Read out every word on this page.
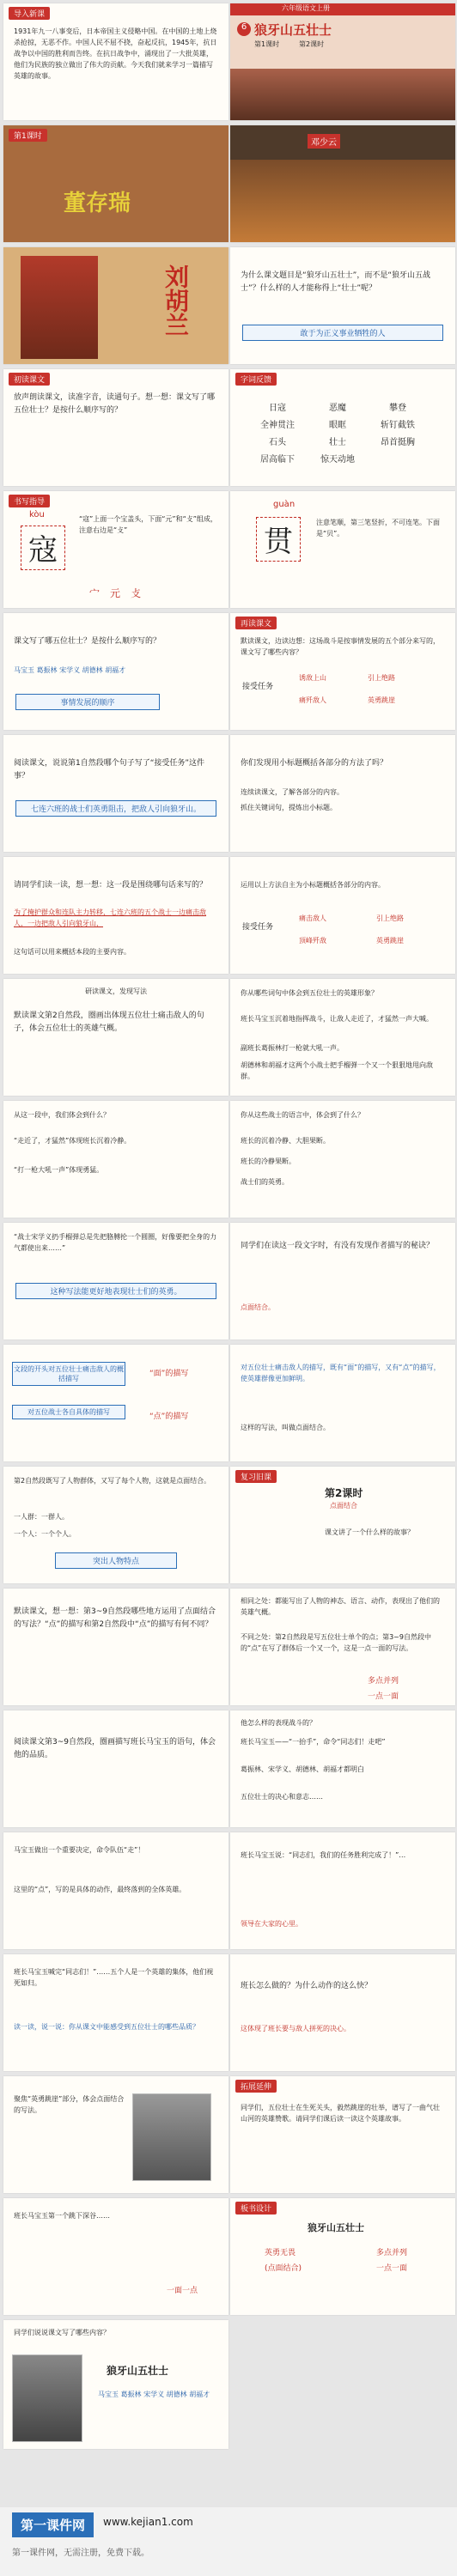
导入新课
1931年九一八事变后，日本帝国主义侵略中国。在中国的土地上烧杀抢掠，无恶不作。中国人民不屈不挠，奋起反抗，1945年，抗日战争以中国的胜利而告终。在抗日战争中，涌现出了一大批英雄，他们为民族的独立做出了伟大的贡献。今天我们就来学习一篇描写英雄的故事。
六年级语文上册
6 狼牙山五壮士
第1课时	第2课时
第1课时
董存瑞
邓少云
刘胡兰	为什么课文题目是“狼牙山五壮士”，而不是“狼牙山五战士”？什么样的人才能称得上“壮士”呢？
敢于为正义事业牺牲的人
初读课文
放声朗读课文，读准字音，读通句子。想一想：课文写了哪五位壮士？是按什么顺序写的？
字词反馈
日寇	恶魔	攀登
全神贯注	眼眶	斩钉截铁
石头	壮士	昂首挺胸
居高临下	惊天动地
书写指导
kòu
寇
“寇”上面一个宝盖头，下面“元”和“攴”组成，注意右边是“攴”
宀　 元　 攴
guàn
贯
注意笔顺，第三笔竖折，不可连笔。下面是“贝”。
课文写了哪五位壮士？是按什么顺序写的？
马宝玉 葛振林 宋学义 胡德林 胡福才
事情发展的顺序
再读课文
默读课文，边读边想：这场战斗是按事情发展的五个部分来写的，课文写了哪些内容？
接受任务
诱敌上山	引上绝路
痛歼敌人	英勇跳崖
阅读课文，说说第1自然段哪个句子写了“接受任务”这件事？
七连六班的战士们英勇阻击，把敌人引向狼牙山。
你们发现用小标题概括各部分的方法了吗？
连续读课文，了解各部分的内容。
抓住关键词句，提炼出小标题。
请同学们读一读，想一想：这一段是围绕哪句话来写的？
为了掩护群众和连队主力转移，七连六班的五个战士一边痛击敌人，一边把敌人引向狼牙山，
这句话可以用来概括本段的主要内容。
运用以上方法自主为小标题概括各部分的内容。
接受任务
痛击敌人	引上绝路
顶峰歼敌	英勇跳崖
研读课文，发现写法
默读课文第2自然段，圈画出体现五位壮士痛击敌人的句子，体会五位壮士的英雄气概。
你从哪些词句中体会到五位壮士的英雄形象？
班长马宝玉沉着地指挥战斗，让敌人走近了，才猛然一声大喊。
副班长葛振林打一枪就大吼一声。
胡德林和胡福才这两个小战士把手榴弹一个又一个狠狠地甩向敌群。
从这一段中，我们体会到什么？
“走近了，才猛然”体现班长沉着冷静。
“打一枪大吼一声”体现勇猛。
你从这些战士的语言中，体会到了什么？
班长的沉着冷静、大胆果断。
班长的冷静果断。
战士们的英勇。
“战士宋学义扔手榴弹总是先把胳膊抡一个圆圈，好像要把全身的力气都使出来……”
这种写法能更好地表现壮士们的英勇。
同学们在读这一段文字时，有没有发现作者描写的秘诀？
点面结合。
文段的开头对五位壮士痛击敌人的概括描写
“面”的描写
对五位战士各自具体的描写
“点”的描写
对五位壮士痛击敌人的描写，既有“面”的描写，又有“点”的描写，使英雄群像更加鲜明。
这样的写法，叫做点面结合。
第2自然段既写了人物群体，又写了每个人物，这就是点面结合。
一人群：一群人。
一个人：一个个人。
突出人物特点
复习旧课
第2课时
点面结合
课文讲了一个什么样的故事？
默读课文，想一想：第3~9自然段哪些地方运用了点面结合的写法？“点”的描写和第2自然段中“点”的描写有何不同？
相同之处：都能写出了人物的神态、语言、动作，表现出了他们的英雄气概。
不同之处：第2自然段是写五位壮士单个的点；第3~9自然段中的“点”在写了群体后一个又一个，这是一点一面的写法。
多点并列
一点一面
阅读课文第3~9自然段，圈画描写班长马宝玉的语句，体会他的品质。
他怎么样的表现战斗的？
班长马宝玉——“一抬手”，命令“同志们！走吧”
葛振林、宋学义、胡德林、胡福才都明白
五位壮士的决心和意志……
马宝玉做出一个重要决定，命令队伍“走”！
这里的“点”，写的是具体的动作，最终落到的全体英雄。
班长马宝玉说：“同志们，我们的任务胜利完成了！”…
领导在大家的心里。
班长马宝玉喊完“同志们！”……五个人是一个英雄的集体，他们视死如归。
读一读，说一说：你从课文中能感受到五位壮士的哪些品质？
班长怎么做的？为什么动作的这么快？
这体现了班长要与敌人拼死的决心。
聚焦“英勇跳崖”部分，体会点面结合的写法。
拓展延伸
同学们，五位壮士在生死关头，毅然跳崖的壮举，谱写了一曲气壮山河的英雄赞歌。请同学们课后读一读这个英雄故事。
班长马宝玉第一个跳下深谷……
一面一点
板书设计
狼牙山五壮士
英勇无畏
(点面结合)
多点并列
一点一面
同学们说说课文写了哪些内容？
狼牙山五壮士
马宝玉 葛振林 宋学义 胡德林 胡福才
第一课件网	www.kejian1.com
第一课件网，无需注册，免费下载。
